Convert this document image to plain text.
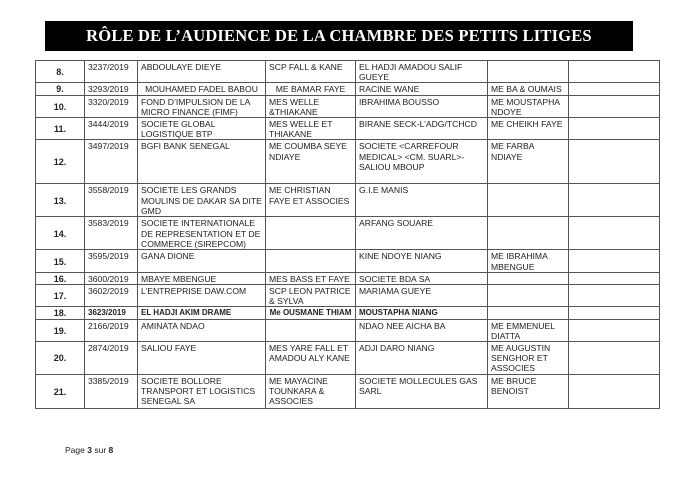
RÔLE DE L’AUDIENCE DE LA CHAMBRE DES PETITS LITIGES
8.	3237/2019	ABDOULAYE DIEYE	SCP FALL & KANE	EL HADJI AMADOU SALIF GUEYE		
9.	3293/2019	MOUHAMED FADEL BABOU	ME BAMAR FAYE	RACINE WANE	ME BA & OUMAIS	
10.	3320/2019	FOND D’IMPULSION DE LA MICRO FINANCE (FIMF)	MES WELLE &THIAKANE	IBRAHIMA BOUSSO	ME MOUSTAPHA NDOYE	
11.	3444/2019	SOCIETE GLOBAL LOGISTIQUE BTP	MES WELLE ET THIAKANE	BIRANE SECK-L’ADG/TCHCD	ME CHEIKH FAYE	
12.	3497/2019	BGFI BANK SENEGAL	ME COUMBA SEYE NDIAYE	SOCIETE <CARREFOUR MEDICAL> <CM. SUARL>- SALIOU MBOUP	ME FARBA NDIAYE	
13.	3558/2019	SOCIETE LES GRANDS MOULINS DE DAKAR SA DITE GMD	ME CHRISTIAN FAYE ET ASSOCIES	G.I.E MANIS		
14.	3583/2019	SOCIETE INTERNATIONALE DE REPRESENTATION ET DE COMMERCE (SIREPCOM)		ARFANG SOUARE		
15.	3595/2019	GANA DIONE		KINE NDOYE NIANG	ME IBRAHIMA MBENGUE	
16.	3600/2019	MBAYE MBENGUE	MES BASS ET FAYE	SOCIETE BDA SA		
17.	3602/2019	L’ENTREPRISE DAW.COM	SCP LEON PATRICE & SYLVA	MARIAMA GUEYE		
18.	3623/2019	EL HADJI AKIM DRAME	Me OUSMANE THIAM	MOUSTAPHA NIANG		
19.	2166/2019	AMINATA NDAO		NDAO NEE AICHA BA	ME EMMENUEL DIATTA	
20.	2874/2019	SALIOU FAYE	MES YARE FALL ET AMADOU ALY KANE	ADJI DARO NIANG	ME AUGUSTIN SENGHOR ET ASSOCIES	
21.	3385/2019	SOCIETE BOLLORE TRANSPORT ET LOGISTICS SENEGAL SA	ME MAYACINE TOUNKARA & ASSOCIES	SOCIETE MOLLECULES GAS SARL	ME BRUCE BENOIST	
Page 3 sur 8
